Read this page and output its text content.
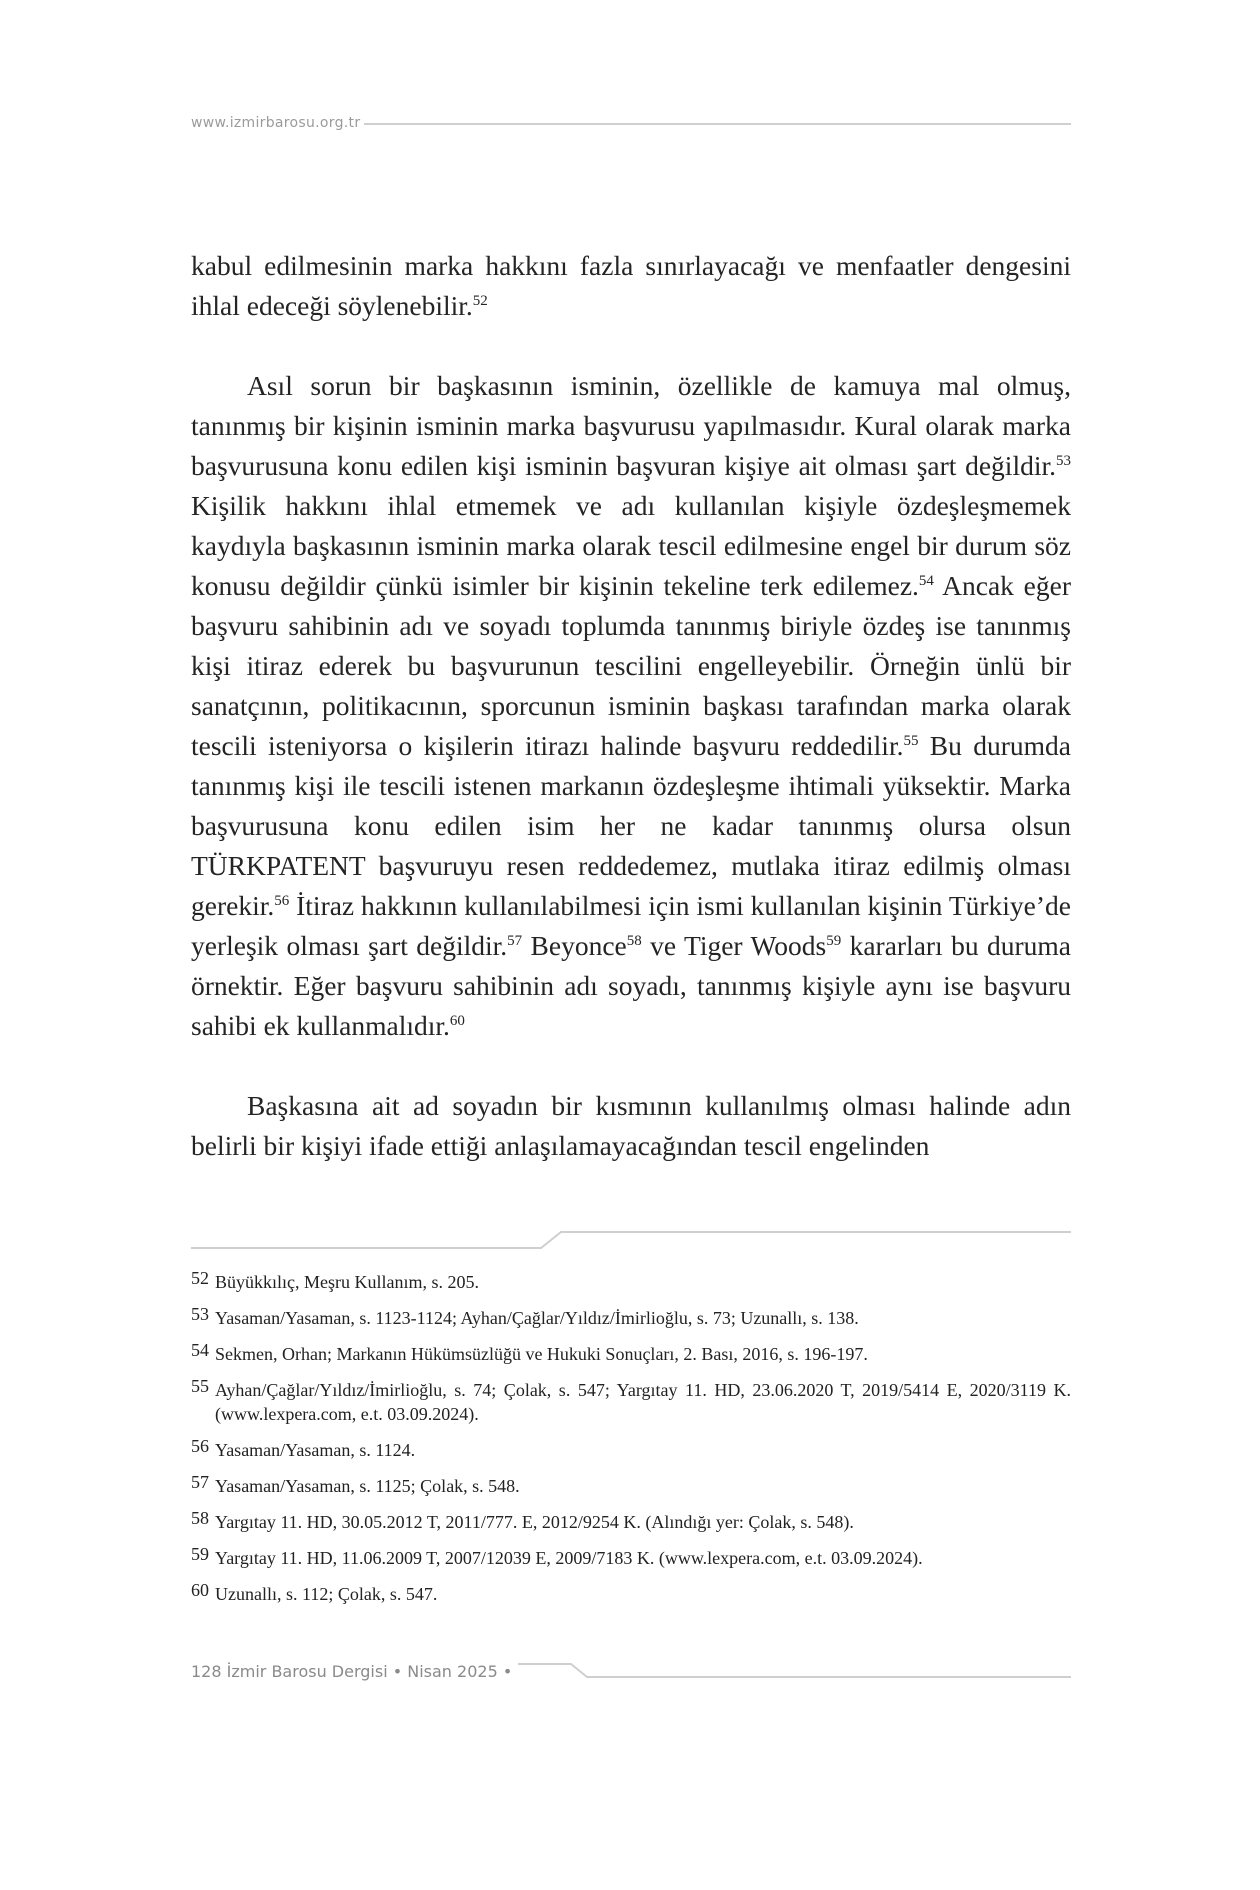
www.izmirbarosu.org.tr

kabul edilmesinin marka hakkını fazla sınırlayacağı ve menfaatler dengesini ihlal edeceği söylenebilir.$^{52}$

Asıl sorun bir başkasının isminin, özellikle de kamuya mal olmuş, tanınmış bir kişinin isminin marka başvurusu yapılmasıdır. Kural olarak marka başvurusuna konu edilen kişi isminin başvuran kişiye ait olması şart değildir.$^{53}$ Kişilik hakkını ihlal etmemek ve adı kullanılan kişiyle özdeşleşmemek kaydıyla başkasının isminin marka olarak tescil edilmesine engel bir durum söz konusu değildir çünkü isimler bir kişinin tekeline terk edilemez.$^{54}$ Ancak eğer başvuru sahibinin adı ve soyadı toplumda tanınmış biriyle özdeş ise tanınmış kişi itiraz ederek bu başvurunun tescilini engelleyebilir. Örneğin ünlü bir sanatçının, politikacının, sporcunun isminin başkası tarafından marka olarak tescili isteniyorsa o kişilerin itirazı halinde başvuru reddedilir.$^{55}$ Bu durumda tanınmış kişi ile tescili istenen markanın özdeşleşme ihtimali yüksektir. Marka başvurusuna konu edilen isim her ne kadar tanınmış olursa olsun TÜRKPATENT başvuruyu resen reddedemez, mutlaka itiraz edilmiş olması gerekir.$^{56}$ İtiraz hakkının kullanılabilmesi için ismi kullanılan kişinin Türkiye’de yerleşik olması şart değildir.$^{57}$ Beyonce$^{58}$ ve Tiger Woods$^{59}$ kararları bu duruma örnektir. Eğer başvuru sahibinin adı soyadı, tanınmış kişiyle aynı ise başvuru sahibi ek kullanmalıdır.$^{60}$

Başkasına ait ad soyadın bir kısmının kullanılmış olması halinde adın belirli bir kişiyi ifade ettiği anlaşılamayacağından tescil engelinden

52 Büyükkılıç, Meşru Kullanım, s. 205.
53 Yasaman/Yasaman, s. 1123-1124; Ayhan/Çağlar/Yıldız/İmirlioğlu, s. 73; Uzunallı, s. 138.
54 Sekmen, Orhan; Markanın Hükümsüzlüğü ve Hukuki Sonuçları, 2. Bası, 2016, s. 196-197.
55 Ayhan/Çağlar/Yıldız/İmirlioğlu, s. 74; Çolak, s. 547; Yargıtay 11. HD, 23.06.2020 T, 2019/5414 E, 2020/3119 K. (www.lexpera.com, e.t. 03.09.2024).
56 Yasaman/Yasaman, s. 1124.
57 Yasaman/Yasaman, s. 1125; Çolak, s. 548.
58 Yargıtay 11. HD, 30.05.2012 T, 2011/777. E, 2012/9254 K. (Alındığı yer: Çolak, s. 548).
59 Yargıtay 11. HD, 11.06.2009 T, 2007/12039 E, 2009/7183 K. (www.lexpera.com, e.t. 03.09.2024).
60 Uzunallı, s. 112; Çolak, s. 547.
128 İzmir Barosu Dergisi • Nisan 2025 •
